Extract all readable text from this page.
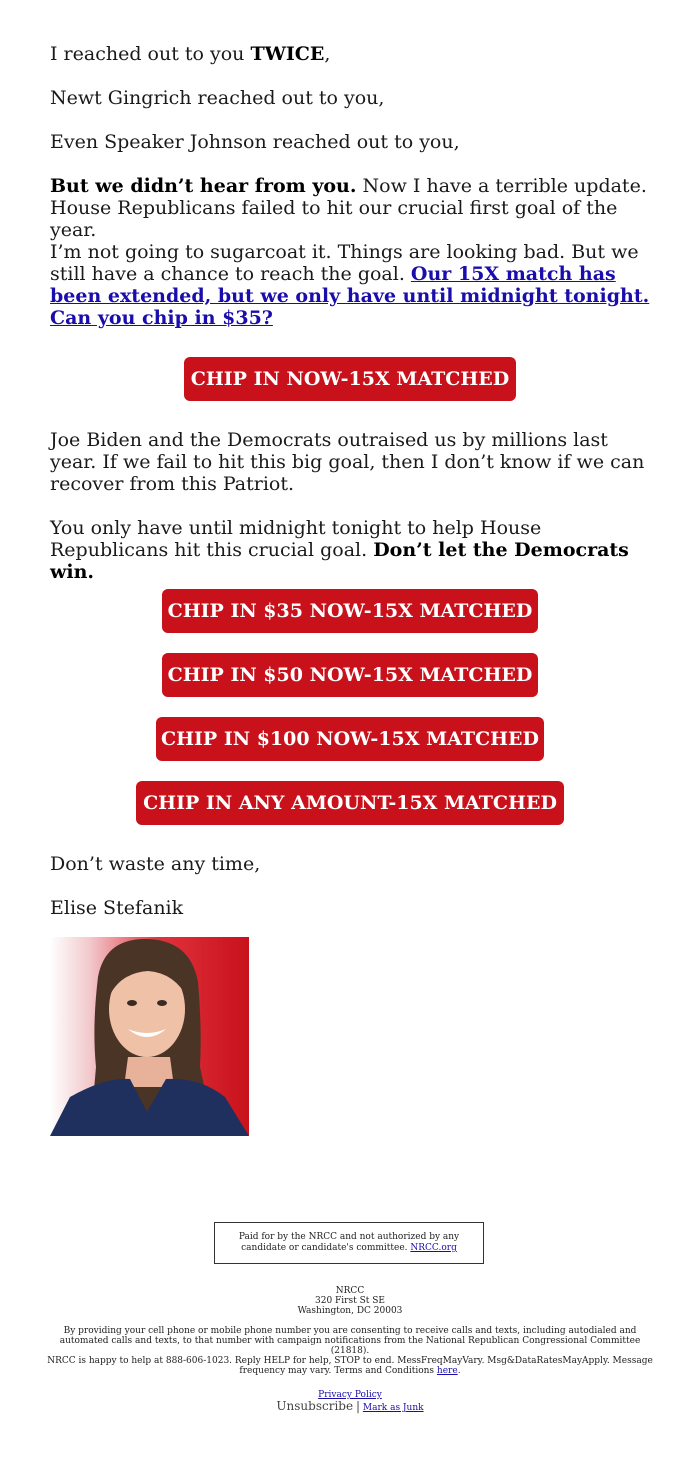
I reached out to you TWICE,

Newt Gingrich reached out to you,

Even Speaker Johnson reached out to you,

But we didn’t hear from you. Now I have a terrible update. House Republicans failed to hit our crucial first goal of the year.

I’m not going to sugarcoat it. Things are looking bad. But we still have a chance to reach the goal. Our 15X match has been extended, but we only have until midnight tonight. Can you chip in $35?

Joe Biden and the Democrats outraised us by millions last year. If we fail to hit this big goal, then I don’t know if we can recover from this Patriot.

You only have until midnight tonight to help House Republicans hit this crucial goal. Don’t let the Democrats win.

Don’t waste any time,

Elise Stefanik

CHIP IN NOW-15X MATCHED
CHIP IN $35 NOW-15X MATCHED
CHIP IN $50 NOW-15X MATCHED
CHIP IN $100 NOW-15X MATCHED
CHIP IN ANY AMOUNT-15X MATCHED
Paid for by the NRCC and not authorized by any candidate or candidate's committee. NRCC.org

NRCC

320 First St SE

Washington, DC 20003

By providing your cell phone or mobile phone number you are consenting to receive calls and texts, including autodialed and automated calls and texts, to that number with campaign notifications from the National Republican Congressional Committee (21818).

NRCC is happy to help at 888-606-1023. Reply HELP for help, STOP to end. MessFreqMayVary. Msg&DataRatesMayApply. Message frequency may vary. Terms and Conditions here.

Privacy Policy

Unsubscribe | Mark as Junk
